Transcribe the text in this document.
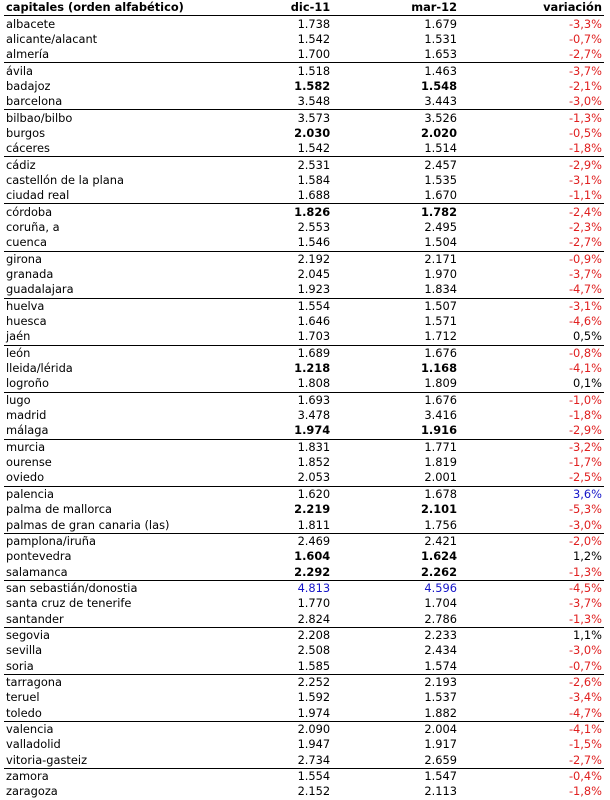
capitales (orden alfabético)	dic-11	mar-12	variación
albacete	1.738	1.679	-3,3%
alicante/alacant	1.542	1.531	-0,7%
almería	1.700	1.653	-2,7%
ávila	1.518	1.463	-3,7%
badajoz	1.582	1.548	-2,1%
barcelona	3.548	3.443	-3,0%
bilbao/bilbo	3.573	3.526	-1,3%
burgos	2.030	2.020	-0,5%
cáceres	1.542	1.514	-1,8%
cádiz	2.531	2.457	-2,9%
castellón de la plana	1.584	1.535	-3,1%
ciudad real	1.688	1.670	-1,1%
córdoba	1.826	1.782	-2,4%
coruña, a	2.553	2.495	-2,3%
cuenca	1.546	1.504	-2,7%
girona	2.192	2.171	-0,9%
granada	2.045	1.970	-3,7%
guadalajara	1.923	1.834	-4,7%
huelva	1.554	1.507	-3,1%
huesca	1.646	1.571	-4,6%
jaén	1.703	1.712	0,5%
león	1.689	1.676	-0,8%
lleida/lérida	1.218	1.168	-4,1%
logroño	1.808	1.809	0,1%
lugo	1.693	1.676	-1,0%
madrid	3.478	3.416	-1,8%
málaga	1.974	1.916	-2,9%
murcia	1.831	1.771	-3,2%
ourense	1.852	1.819	-1,7%
oviedo	2.053	2.001	-2,5%
palencia	1.620	1.678	3,6%
palma de mallorca	2.219	2.101	-5,3%
palmas de gran canaria (las)	1.811	1.756	-3,0%
pamplona/iruña	2.469	2.421	-2,0%
pontevedra	1.604	1.624	1,2%
salamanca	2.292	2.262	-1,3%
san sebastián/donostia	4.813	4.596	-4,5%
santa cruz de tenerife	1.770	1.704	-3,7%
santander	2.824	2.786	-1,3%
segovia	2.208	2.233	1,1%
sevilla	2.508	2.434	-3,0%
soria	1.585	1.574	-0,7%
tarragona	2.252	2.193	-2,6%
teruel	1.592	1.537	-3,4%
toledo	1.974	1.882	-4,7%
valencia	2.090	2.004	-4,1%
valladolid	1.947	1.917	-1,5%
vitoria-gasteiz	2.734	2.659	-2,7%
zamora	1.554	1.547	-0,4%
zaragoza	2.152	2.113	-1,8%
